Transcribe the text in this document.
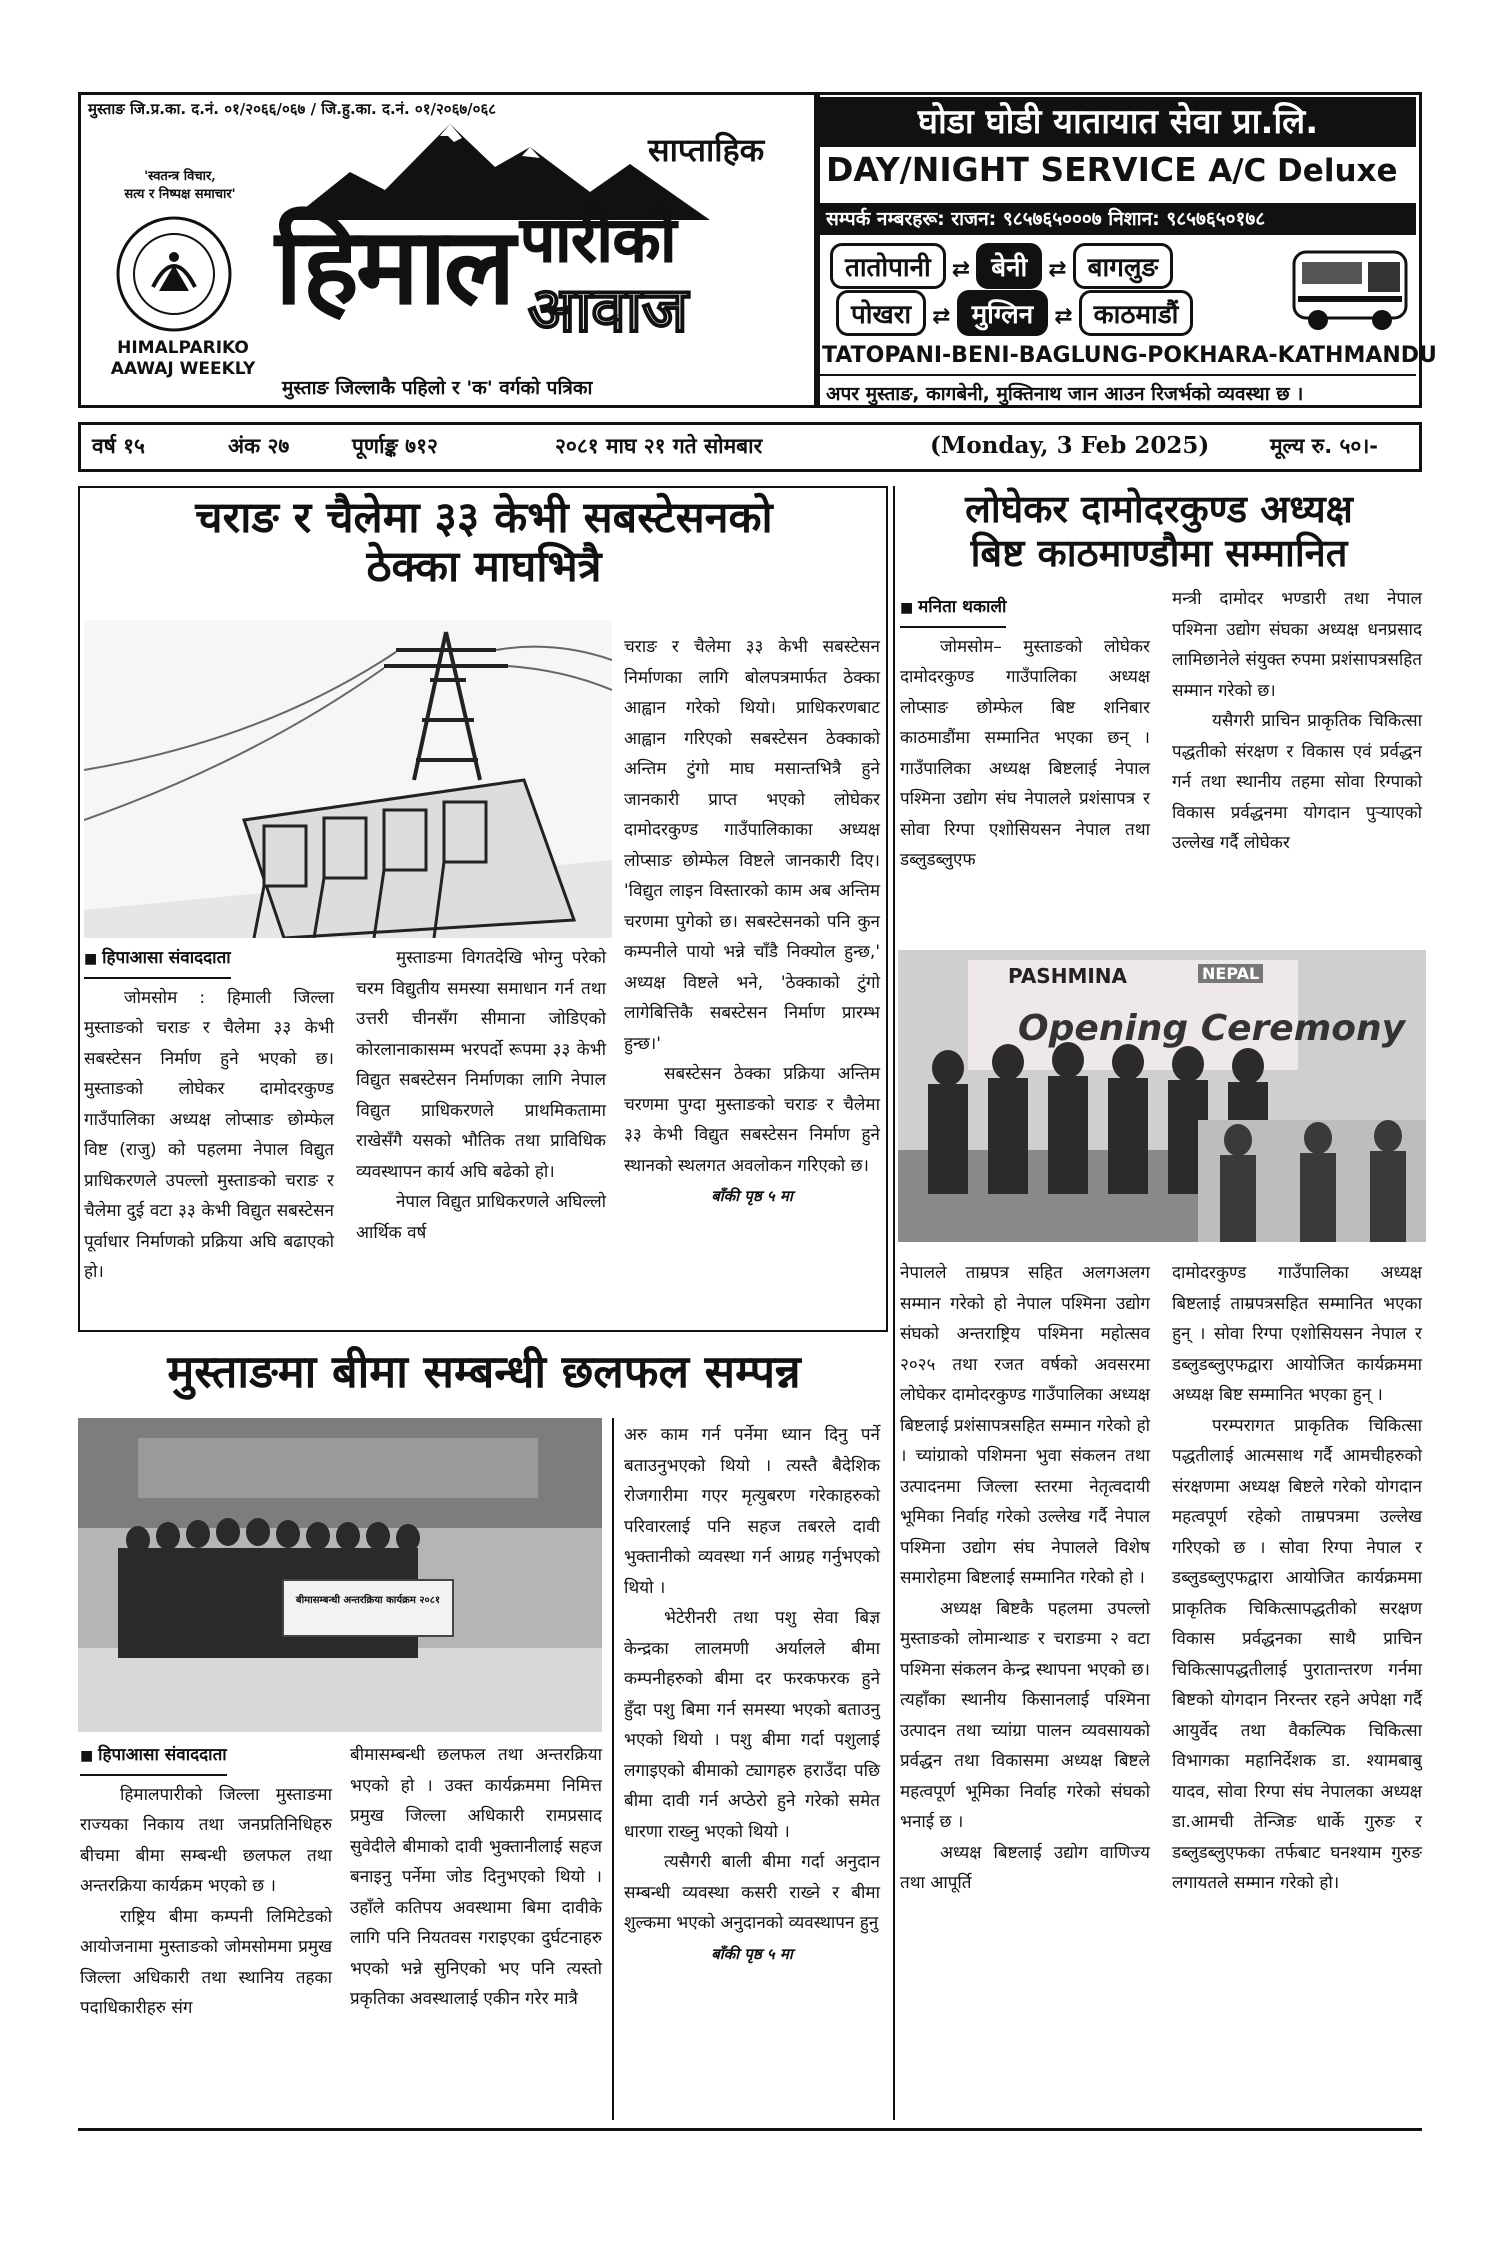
मुस्ताङ जि.प्र.का. द.नं. ०१/२०६६/०६७ / जि.हु.का. द.नं. ०१/२०६७/०६८
'स्वतन्त्र विचार,
सत्य र निष्पक्ष समाचार'
HIMALPARIKO
AAWAJ WEEKLY
साप्ताहिक
हिमाल पारीको
आवाज
मुस्ताङ जिल्लाकै पहिलो र 'क' वर्गको पत्रिका
घोडा घोडी यातायात सेवा प्रा.लि.
DAY/NIGHT SERVICE A/C Deluxe
सम्पर्क नम्बरहरू: राजन: ९८५७६५०००७ निशान: ९८५७६५०१७८
तातोपानी ⇄ बेनी ⇄ बागलुङ
पोखरा ⇄ मुग्लिन ⇄ काठमाडौं
TATOPANI-BENI-BAGLUNG-POKHARA-KATHMANDU
अपर मुस्ताङ, कागबेनी, मुक्तिनाथ जान आउन रिजर्भको व्यवस्था छ ।
वर्ष १५	अंक २७	पूर्णाङ्क ७१२	२०८१ माघ २१ गते सोमबार	(Monday, 3 Feb 2025)	मूल्य रु. ५०।-
चराङ र चैलेमा ३३ केभी सबस्टेसनको
ठेक्का माघभित्रै
■ हिपाआसा संवाददाता

जोमसोम : हिमाली जिल्ला मुस्ताङको चराङ र चैलेमा ३३ केभी सबस्टेसन निर्माण हुने भएको छ। मुस्ताङको लोघेकर दामोदरकुण्ड गाउँपालिका अध्यक्ष लोप्साङ छोम्फेल विष्ट (राजु) को पहलमा नेपाल विद्युत प्राधिकरणले उपल्लो मुस्ताङको चराङ र चैलेमा दुई वटा ३३ केभी विद्युत सबस्टेसन पूर्वाधार निर्माणको प्रक्रिया अघि बढाएको हो।

मुस्ताङमा विगतदेखि भोग्नु परेको चरम विद्युतीय समस्या समाधान गर्न तथा उत्तरी चीनसँग सीमाना जोडिएको कोरलानाकासम्म भरपर्दो रूपमा ३३ केभी विद्युत सबस्टेसन निर्माणका लागि नेपाल विद्युत प्राधिकरणले प्राथमिकतामा राखेसँगै यसको भौतिक तथा प्राविधिक व्यवस्थापन कार्य अघि बढेको हो।

नेपाल विद्युत प्राधिकरणले अघिल्लो आर्थिक वर्ष

चराङ र चैलेमा ३३ केभी सबस्टेसन निर्माणका लागि बोलपत्रमार्फत ठेक्का आह्वान गरेको थियो। प्राधिकरणबाट आह्वान गरिएको सबस्टेसन ठेक्काको अन्तिम टुंगो माघ मसान्तभित्रै हुने जानकारी प्राप्त भएको लोघेकर दामोदरकुण्ड गाउँपालिकाका अध्यक्ष लोप्साङ छोम्फेल विष्टले जानकारी दिए। 'विद्युत लाइन विस्तारको काम अब अन्तिम चरणमा पुगेको छ। सबस्टेसनको पनि कुन कम्पनीले पायो भन्ने चाँडै निक्योल हुन्छ,' अध्यक्ष विष्टले भने, 'ठेक्काको टुंगो लागेबित्तिकै सबस्टेसन निर्माण प्रारम्भ हुन्छ।'

सबस्टेसन ठेक्का प्रक्रिया अन्तिम चरणमा पुग्दा मुस्ताङको चराङ र चैलेमा ३३ केभी विद्युत सबस्टेसन निर्माण हुने स्थानको स्थलगत अवलोकन गरिएको छ।

बाँकी पृष्ठ ५ मा
लोघेकर दामोदरकुण्ड अध्यक्ष
बिष्ट काठमाण्डौमा सम्मानित
■ मनिता थकाली

जोमसोम– मुस्ताङको लोघेकर दामोदरकुण्ड गाउँपालिका अध्यक्ष लोप्साङ छोम्फेल बिष्ट शनिबार काठमाडौंमा सम्मानित भएका छन् । गाउँपालिका अध्यक्ष बिष्टलाई नेपाल पश्मिना उद्योग संघ नेपालले प्रशंसापत्र र सोवा रिग्पा एशोसियसन नेपाल तथा डब्लुडब्लुएफ

मन्त्री दामोदर भण्डारी तथा नेपाल पश्मिना उद्योग संघका अध्यक्ष धनप्रसाद लामिछानेले संयुक्त रुपमा प्रशंसापत्रसहित सम्मान गरेको छ।

यसैगरी प्राचिन प्राकृतिक चिकित्सा पद्धतीको संरक्षण र विकास एवं प्रर्वद्धन गर्न तथा स्थानीय तहमा सोवा रिग्पाको विकास प्रर्वद्धनमा योगदान पुऱ्याएको उल्लेख गर्दै लोघेकर

PASHMINA	NEPAL
Opening Ceremony

नेपालले ताम्रपत्र सहित अलगअलग सम्मान गरेको हो नेपाल पश्मिना उद्योग संघको अन्तराष्ट्रिय पश्मिना महोत्सव २०२५ तथा रजत वर्षको अवसरमा लोघेकर दामोदरकुण्ड गाउँपालिका अध्यक्ष बिष्टलाई प्रशंसापत्रसहित सम्मान गरेको हो । च्यांग्राको पशिमना भुवा संकलन तथा उत्पादनमा जिल्ला स्तरमा नेतृत्वदायी भूमिका निर्वाह गरेको उल्लेख गर्दै नेपाल पश्मिना उद्योग संघ नेपालले विशेष समारोहमा बिष्टलाई सम्मानित गरेको हो ।

अध्यक्ष बिष्टकै पहलमा उपल्लो मुस्ताङको लोमान्थाङ र चराङमा २ वटा पश्मिना संकलन केन्द्र स्थापना भएको छ। त्यहाँका स्थानीय किसानलाई पश्मिना उत्पादन तथा च्यांग्रा पालन व्यवसायको प्रर्वद्धन तथा विकासमा अध्यक्ष बिष्टले महत्वपूर्ण भूमिका निर्वाह गरेको संघको भनाई छ ।

अध्यक्ष बिष्टलाई उद्योग वाणिज्य तथा आपूर्ति

दामोदरकुण्ड गाउँपालिका अध्यक्ष बिष्टलाई ताम्रपत्रसहित सम्मानित भएका हुन् । सोवा रिग्पा एशोसियसन नेपाल र डब्लुडब्लुएफद्वारा आयोजित कार्यक्रममा अध्यक्ष बिष्ट सम्मानित भएका हुन् ।

परम्परागत प्राकृतिक चिकित्सा पद्धतीलाई आत्मसाथ गर्दै आमचीहरुको संरक्षणमा अध्यक्ष बिष्टले गरेको योगदान महत्वपूर्ण रहेको ताम्रपत्रमा उल्लेख गरिएको छ । सोवा रिग्पा नेपाल र डब्लुडब्लुएफद्वारा आयोजित कार्यक्रममा प्राकृतिक चिकित्सापद्धतीको सरक्षण विकास प्रर्वद्धनका साथै प्राचिन चिकित्सापद्धतीलाई पुरातान्तरण गर्नमा बिष्टको योगदान निरन्तर रहने अपेक्षा गर्दै आयुर्वेद तथा वैकल्पिक चिकित्सा विभागका महानिर्देशक डा. श्यामबाबु यादव, सोवा रिग्पा संघ नेपालका अध्यक्ष डा.आमची तेन्जिङ धार्के गुरुङ र डब्लुडब्लुएफका तर्फबाट घनश्याम गुरुङ लगायतले सम्मान गरेको हो।

मुस्ताङमा बीमा सम्बन्धी छलफल सम्पन्न
बीमासम्बन्धी अन्तरक्रिया कार्यक्रम २०८१
■ हिपाआसा संवाददाता

हिमालपारीको जिल्ला मुस्ताङमा राज्यका निकाय तथा जनप्रतिनिधिहरु बीचमा बीमा सम्बन्धी छलफल तथा अन्तरक्रिया कार्यक्रम भएको छ ।

राष्ट्रिय बीमा कम्पनी लिमिटेडको आयोजनामा मुस्ताङको जोमसोममा प्रमुख जिल्ला अधिकारी तथा स्थानिय तहका पदाधिकारीहरु संग

बीमासम्बन्धी छलफल तथा अन्तरक्रिया भएको हो । उक्त कार्यक्रममा निमित्त प्रमुख जिल्ला अधिकारी रामप्रसाद सुवेदीले बीमाको दावी भुक्तानीलाई सहज बनाइनु पर्नेमा जोड दिनुभएको थियो । उहाँले कतिपय अवस्थामा बिमा दावीके लागि पनि नियतवस गराइएका दुर्घटनाहरु भएको भन्ने सुनिएको भए पनि त्यस्तो प्रकृतिका अवस्थालाई एकीन गरेर मात्रै

अरु काम गर्न पर्नेमा ध्यान दिनु पर्ने बताउनुभएको थियो । त्यस्तै बैदेशिक रोजगारीमा गएर मृत्युबरण गरेकाहरुको परिवारलाई पनि सहज तबरले दावी भुक्तानीको व्यवस्था गर्न आग्रह गर्नुभएको थियो ।

भेटेरीनरी तथा पशु सेवा बिज्ञ केन्द्रका लालमणी अर्यालले बीमा कम्पनीहरुको बीमा दर फरकफरक हुने हुँदा पशु बिमा गर्न समस्या भएको बताउनु भएको थियो । पशु बीमा गर्दा पशुलाई लगाइएको बीमाको ट्यागहरु हराउँदा पछि बीमा दावी गर्न अप्ठेरो हुने गरेको समेत धारणा राख्नु भएको थियो ।

त्यसैगरी बाली बीमा गर्दा अनुदान सम्बन्धी व्यवस्था कसरी राख्ने र बीमा शुल्कमा भएको अनुदानको व्यवस्थापन हुनु

बाँकी पृष्ठ ५ मा
